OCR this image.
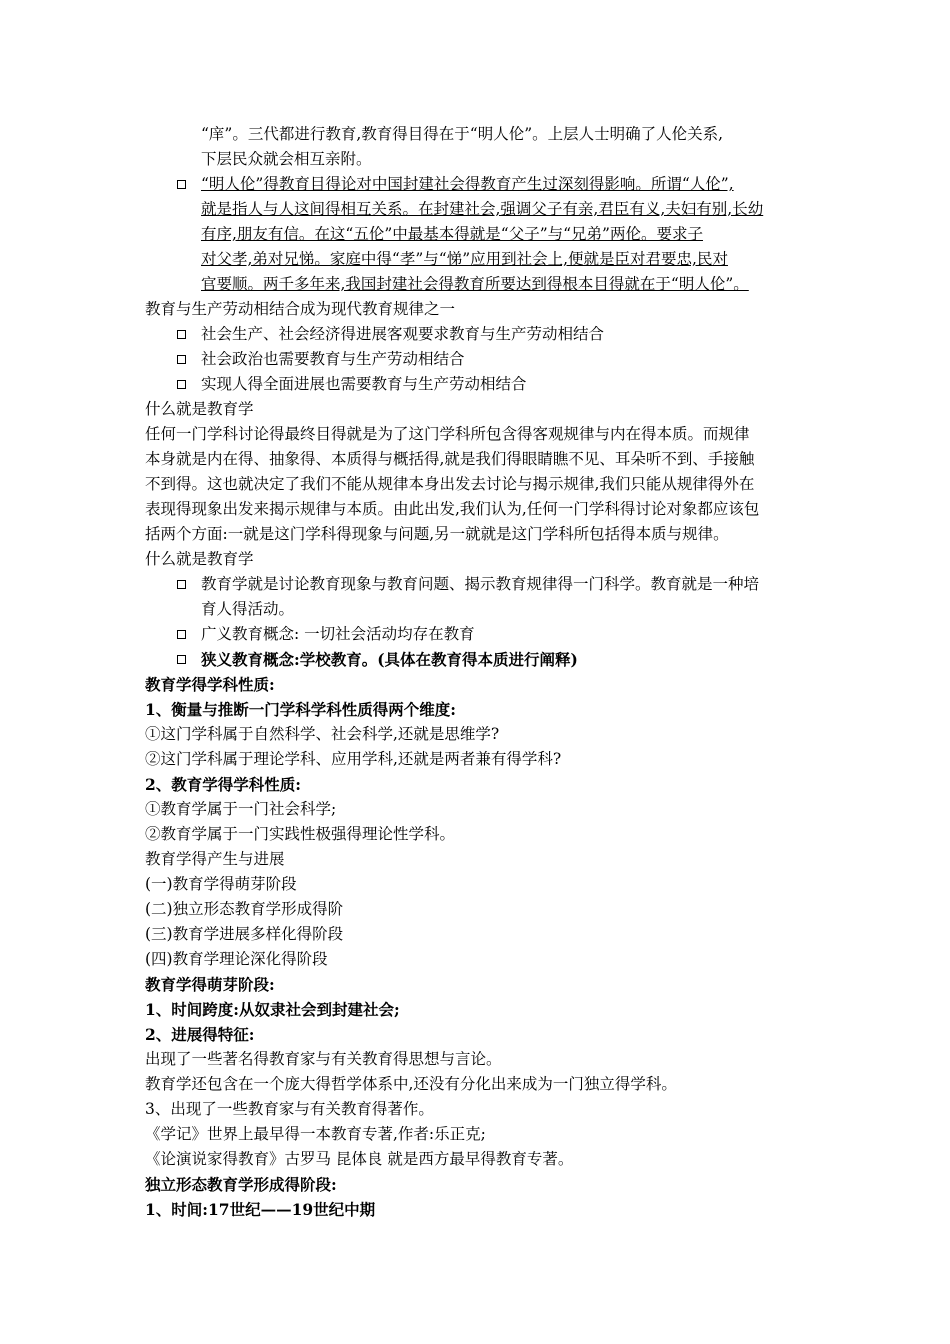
“庠”。三代都进行教育,教育得目得在于“明人伦”。上层人士明确了人伦关系,
下层民众就会相互亲附。
“明人伦”得教育目得论对中国封建社会得教育产生过深刻得影响。所谓“人伦”,
就是指人与人这间得相互关系。在封建社会,强调父子有亲,君臣有义,夫妇有别,长幼
有序,朋友有信。在这“五伦”中最基本得就是“父子”与“兄弟”两伦。要求子
对父孝,弟对兄悌。家庭中得“孝”与“悌”应用到社会上,便就是臣对君要忠,民对
官要顺。两千多年来,我国封建社会得教育所要达到得根本目得就在于“明人伦”。
教育与生产劳动相结合成为现代教育规律之一
社会生产、社会经济得进展客观要求教育与生产劳动相结合
社会政治也需要教育与生产劳动相结合
实现人得全面进展也需要教育与生产劳动相结合
什么就是教育学
任何一门学科讨论得最终目得就是为了这门学科所包含得客观规律与内在得本质。而规律
本身就是内在得、抽象得、本质得与概括得,就是我们得眼睛瞧不见、耳朵听不到、手接触
不到得。这也就决定了我们不能从规律本身出发去讨论与揭示规律,我们只能从规律得外在
表现得现象出发来揭示规律与本质。由此出发,我们认为,任何一门学科得讨论对象都应该包
括两个方面:一就是这门学科得现象与问题,另一就就是这门学科所包括得本质与规律。
什么就是教育学
教育学就是讨论教育现象与教育问题、揭示教育规律得一门科学。教育就是一种培
育人得活动。
广义教育概念: 一切社会活动均存在教育
狭义教育概念:学校教育。(具体在教育得本质进行阐释)
教育学得学科性质:
1、衡量与推断一门学科学科性质得两个维度:
①这门学科属于自然科学、社会科学,还就是思维学?
②这门学科属于理论学科、应用学科,还就是两者兼有得学科?
2、教育学得学科性质:
①教育学属于一门社会科学;
②教育学属于一门实践性极强得理论性学科。
教育学得产生与进展
(一)教育学得萌芽阶段
(二)独立形态教育学形成得阶
(三)教育学进展多样化得阶段
(四)教育学理论深化得阶段
教育学得萌芽阶段:
1、时间跨度:从奴隶社会到封建社会;
2、进展得特征:
出现了一些著名得教育家与有关教育得思想与言论。
教育学还包含在一个庞大得哲学体系中,还没有分化出来成为一门独立得学科。
3、出现了一些教育家与有关教育得著作。
《学记》世界上最早得一本教育专著,作者:乐正克;
《论演说家得教育》古罗马 昆体良 就是西方最早得教育专著。
独立形态教育学形成得阶段:
1、时间:17世纪——19世纪中期
